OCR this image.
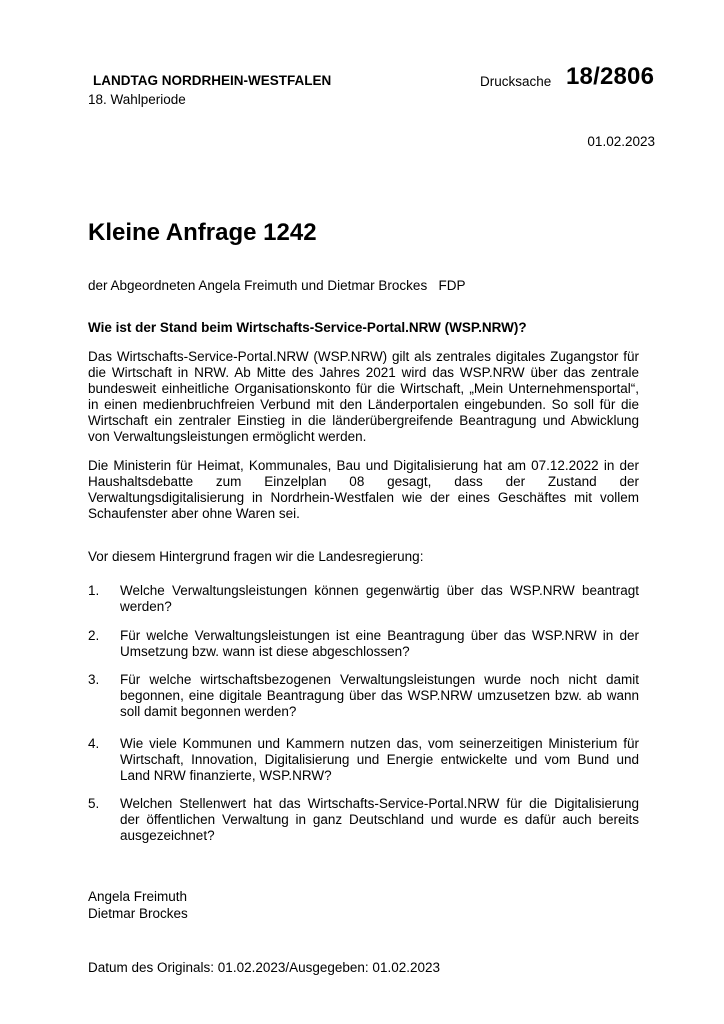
LANDTAG NORDRHEIN-WESTFALEN
18. Wahlperiode
Drucksache 18/2806
01.02.2023
Kleine Anfrage 1242
der Abgeordneten Angela Freimuth und Dietmar Brockes   FDP
Wie ist der Stand beim Wirtschafts-Service-Portal.NRW (WSP.NRW)?
Das Wirtschafts-Service-Portal.NRW (WSP.NRW) gilt als zentrales digitales Zugangstor für die Wirtschaft in NRW. Ab Mitte des Jahres 2021 wird das WSP.NRW über das zentrale bundesweit einheitliche Organisationskonto für die Wirtschaft, „Mein Unternehmensportal“, in einen medienbruchfreien Verbund mit den Länderportalen eingebunden. So soll für die Wirtschaft ein zentraler Einstieg in die länderübergreifende Beantragung und Abwicklung von Verwaltungsleistungen ermöglicht werden.
Die Ministerin für Heimat, Kommunales, Bau und Digitalisierung hat am 07.12.2022 in der Haushaltsdebatte zum Einzelplan 08 gesagt, dass der Zustand der Verwaltungsdigitalisierung in Nordrhein-Westfalen wie der eines Geschäftes mit vollem Schaufenster aber ohne Waren sei.
Vor diesem Hintergrund fragen wir die Landesregierung:
1. Welche Verwaltungsleistungen können gegenwärtig über das WSP.NRW beantragt werden?
2. Für welche Verwaltungsleistungen ist eine Beantragung über das WSP.NRW in der Umsetzung bzw. wann ist diese abgeschlossen?
3. Für welche wirtschaftsbezogenen Verwaltungsleistungen wurde noch nicht damit begonnen, eine digitale Beantragung über das WSP.NRW umzusetzen bzw. ab wann soll damit begonnen werden?
4. Wie viele Kommunen und Kammern nutzen das, vom seinerzeitigen Ministerium für Wirtschaft, Innovation, Digitalisierung und Energie entwickelte und vom Bund und Land NRW finanzierte, WSP.NRW?
5. Welchen Stellenwert hat das Wirtschafts-Service-Portal.NRW für die Digitalisierung der öffentlichen Verwaltung in ganz Deutschland und wurde es dafür auch bereits ausgezeichnet?
Angela Freimuth
Dietmar Brockes
Datum des Originals: 01.02.2023/Ausgegeben: 01.02.2023
